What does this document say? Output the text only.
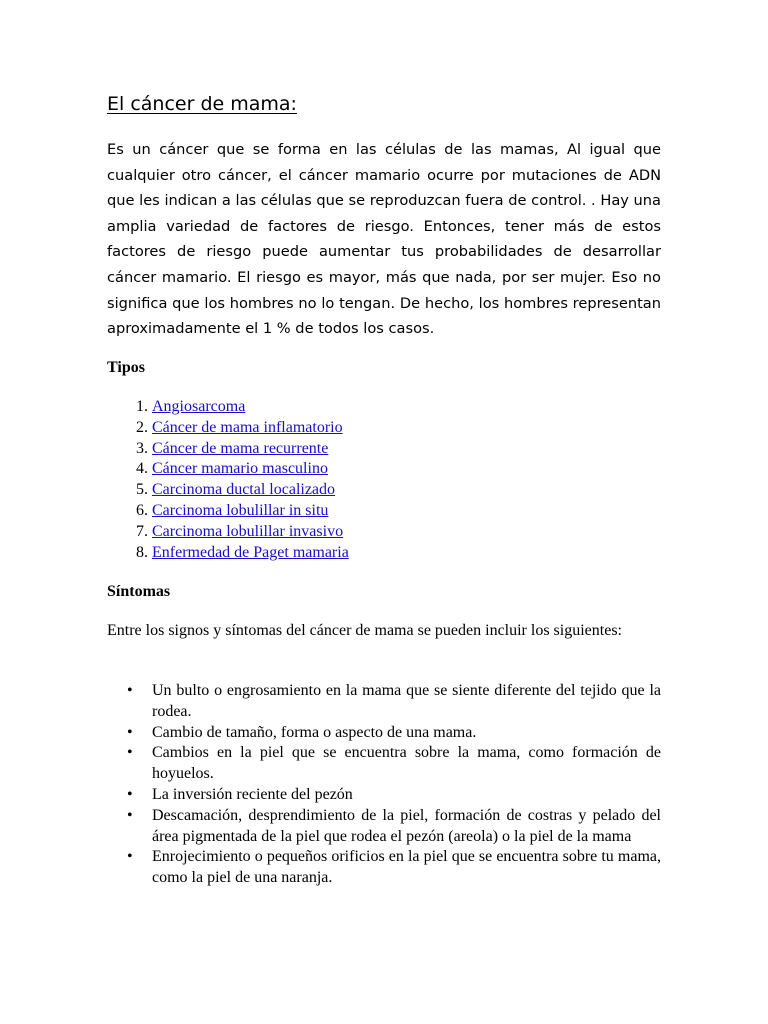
El cáncer de mama:

Es un cáncer que se forma en las células de las mamas, Al igual que cualquier otro cáncer, el cáncer mamario ocurre por mutaciones de ADN que les indican a las células que se reproduzcan fuera de control. . Hay una amplia variedad de factores de riesgo. Entonces, tener más de estos factores de riesgo puede aumentar tus probabilidades de desarrollar cáncer mamario. El riesgo es mayor, más que nada, por ser mujer. Eso no significa que los hombres no lo tengan. De hecho, los hombres representan aproximadamente el 1 % de todos los casos.

Tipos
1. Angiosarcoma
2. Cáncer de mama inflamatorio
3. Cáncer de mama recurrente
4. Cáncer mamario masculino
5. Carcinoma ductal localizado
6. Carcinoma lobulillar in situ
7. Carcinoma lobulillar invasivo
8. Enfermedad de Paget mamaria
Síntomas

Entre los signos y síntomas del cáncer de mama se pueden incluir los siguientes:

• Un bulto o engrosamiento en la mama que se siente diferente del tejido que la rodea.
• Cambio de tamaño, forma o aspecto de una mama.
• Cambios en la piel que se encuentra sobre la mama, como formación de hoyuelos.
• La inversión reciente del pezón
• Descamación, desprendimiento de la piel, formación de costras y pelado del área pigmentada de la piel que rodea el pezón (areola) o la piel de la mama
• Enrojecimiento o pequeños orificios en la piel que se encuentra sobre tu mama, como la piel de una naranja.
